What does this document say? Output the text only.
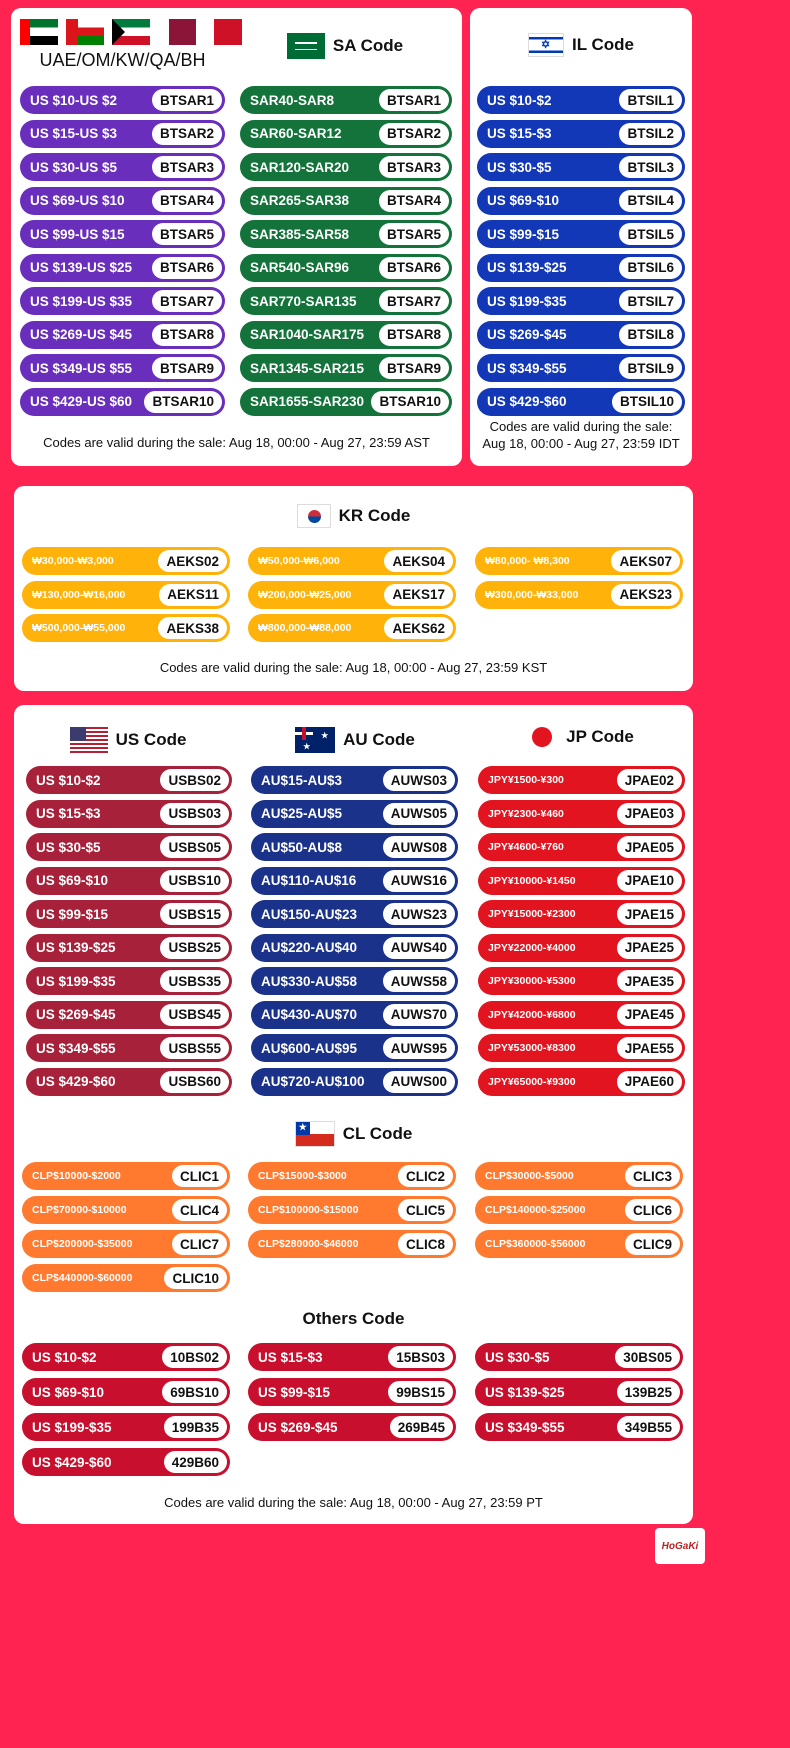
UAE/OM/KW/QA/BH
SA Code	✡ IL Code
Codes are valid during the sale: Aug 18, 00:00 - Aug 27, 23:59 AST
Codes are valid during the sale:
Aug 18, 00:00 - Aug 27, 23:59 IDT
KR Code
Codes are valid during the sale: Aug 18, 00:00 - Aug 27, 23:59 KST
US Code	★
★ AU Code	JP Code
★ CL Code
Others Code
Codes are valid during the sale: Aug 18, 00:00 - Aug 27, 23:59 PT
HoGaKi
US $10-US $2	BTSAR1
US $15-US $3	BTSAR2
US $30-US $5	BTSAR3
US $69-US $10	BTSAR4
US $99-US $15	BTSAR5
US $139-US $25	BTSAR6
US $199-US $35	BTSAR7
US $269-US $45	BTSAR8
US $349-US $55	BTSAR9
US $429-US $60	BTSAR10
SAR40-SAR8	BTSAR1
SAR60-SAR12	BTSAR2
SAR120-SAR20	BTSAR3
SAR265-SAR38	BTSAR4
SAR385-SAR58	BTSAR5
SAR540-SAR96	BTSAR6
SAR770-SAR135	BTSAR7
SAR1040-SAR175	BTSAR8
SAR1345-SAR215	BTSAR9
SAR1655-SAR230	BTSAR10
US $10-$2	BTSIL1
US $15-$3	BTSIL2
US $30-$5	BTSIL3
US $69-$10	BTSIL4
US $99-$15	BTSIL5
US $139-$25	BTSIL6
US $199-$35	BTSIL7
US $269-$45	BTSIL8
US $349-$55	BTSIL9
US $429-$60	BTSIL10
US $10-$2	USBS02
US $15-$3	USBS03
US $30-$5	USBS05
US $69-$10	USBS10
US $99-$15	USBS15
US $139-$25	USBS25
US $199-$35	USBS35
US $269-$45	USBS45
US $349-$55	USBS55
US $429-$60	USBS60
AU$15-AU$3	AUWS03
AU$25-AU$5	AUWS05
AU$50-AU$8	AUWS08
AU$110-AU$16	AUWS16
AU$150-AU$23	AUWS23
AU$220-AU$40	AUWS40
AU$330-AU$58	AUWS58
AU$430-AU$70	AUWS70
AU$600-AU$95	AUWS95
AU$720-AU$100	AUWS00
JPY¥1500-¥300	JPAE02
JPY¥2300-¥460	JPAE03
JPY¥4600-¥760	JPAE05
JPY¥10000-¥1450	JPAE10
JPY¥15000-¥2300	JPAE15
JPY¥22000-¥4000	JPAE25
JPY¥30000-¥5300	JPAE35
JPY¥42000-¥6800	JPAE45
JPY¥53000-¥8300	JPAE55
JPY¥65000-¥9300	JPAE60
₩30,000-₩3,000	AEKS02	₩50,000-₩6,000	AEKS04	₩80,000- ₩8,300	AEKS07
₩130,000-₩16,000	AEKS11	₩200,000-₩25,000	AEKS17	₩300,000-₩33,000	AEKS23
₩500,000-₩55,000	AEKS38	₩800,000-₩88,000	AEKS62
CLP$10000-$2000	CLIC1	CLP$15000-$3000	CLIC2	CLP$30000-$5000	CLIC3
CLP$70000-$10000	CLIC4	CLP$100000-$15000	CLIC5	CLP$140000-$25000	CLIC6
CLP$200000-$35000	CLIC7	CLP$280000-$46000	CLIC8	CLP$360000-$56000	CLIC9
CLP$440000-$60000	CLIC10
US $10-$2	10BS02	US $15-$3	15BS03	US $30-$5	30BS05
US $69-$10	69BS10	US $99-$15	99BS15	US $139-$25	139B25
US $199-$35	199B35	US $269-$45	269B45	US $349-$55	349B55
US $429-$60	429B60
